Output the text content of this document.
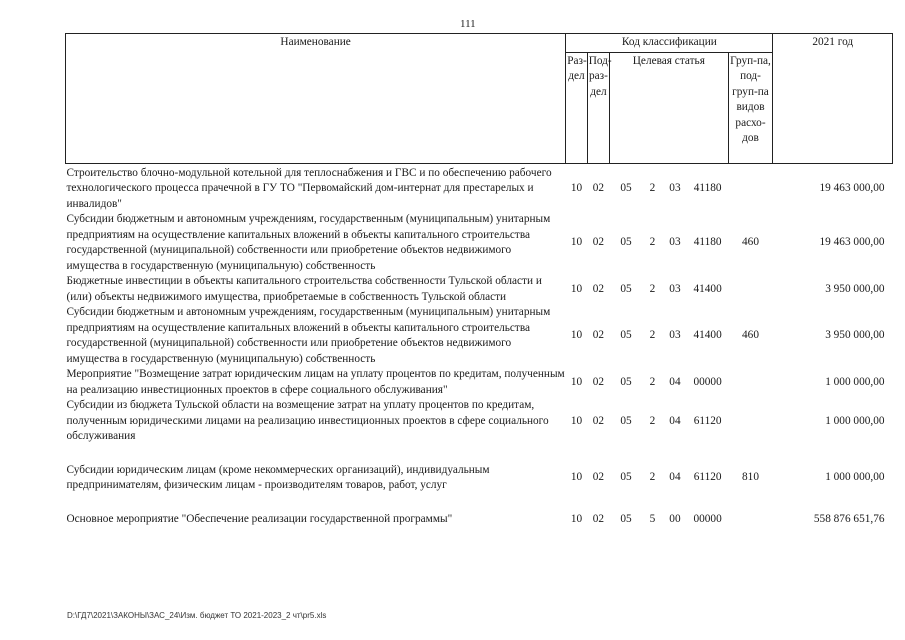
111
Наименование	Код классификации							2021 год
	Раз-дел	Под-раз-дел	Целевая статья				Груп-па, под-груп-па видов расхо-дов	
Строительство блочно-модульной котельной для теплоснабжения и ГВС и по обеспечению рабочего технологического процесса прачечной в ГУ ТО "Первомайский дом-интернат для престарелых и инвалидов"	10	02	05	2	03	41180		19 463 000,00
Субсидии бюджетным и автономным учреждениям, государственным (муниципальным) унитарным предприятиям на осуществление капитальных вложений в объекты капитального строительства государственной (муниципальной) собственности или приобретение объектов недвижимого имущества в государственную (муниципальную) собственность	10	02	05	2	03	41180	460	19 463 000,00
Бюджетные инвестиции в объекты капитального строительства собственности Тульской области и (или) объекты недвижимого имущества, приобретаемые в собственность Тульской области	10	02	05	2	03	41400		3 950 000,00
Субсидии бюджетным и автономным учреждениям, государственным (муниципальным) унитарным предприятиям на осуществление капитальных вложений в объекты капитального строительства государственной (муниципальной) собственности или приобретение объектов недвижимого имущества в государственную (муниципальную) собственность	10	02	05	2	03	41400	460	3 950 000,00
Мероприятие "Возмещение затрат юридическим лицам на уплату процентов по кредитам, полученным на реализацию инвестиционных проектов в сфере социального обслуживания"	10	02	05	2	04	00000		1 000 000,00
Субсидии из бюджета Тульской области на возмещение затрат на уплату процентов по кредитам, полученным юридическими лицами на реализацию инвестиционных проектов в сфере социального обслуживания	10	02	05	2	04	61120		1 000 000,00

Субсидии юридическим лицам (кроме некоммерческих организаций), индивидуальным предпринимателям, физическим лицам - производителям товаров, работ, услуг	10	02	05	2	04	61120	810	1 000 000,00

Основное мероприятие "Обеспечение реализации государственной программы"	10	02	05	5	00	00000		558 876 651,76
D:\ГД7\2021\ЗАКОНЫ\ЗАС_24\Изм. бюджет ТО 2021-2023_2 чт\pr5.xls
